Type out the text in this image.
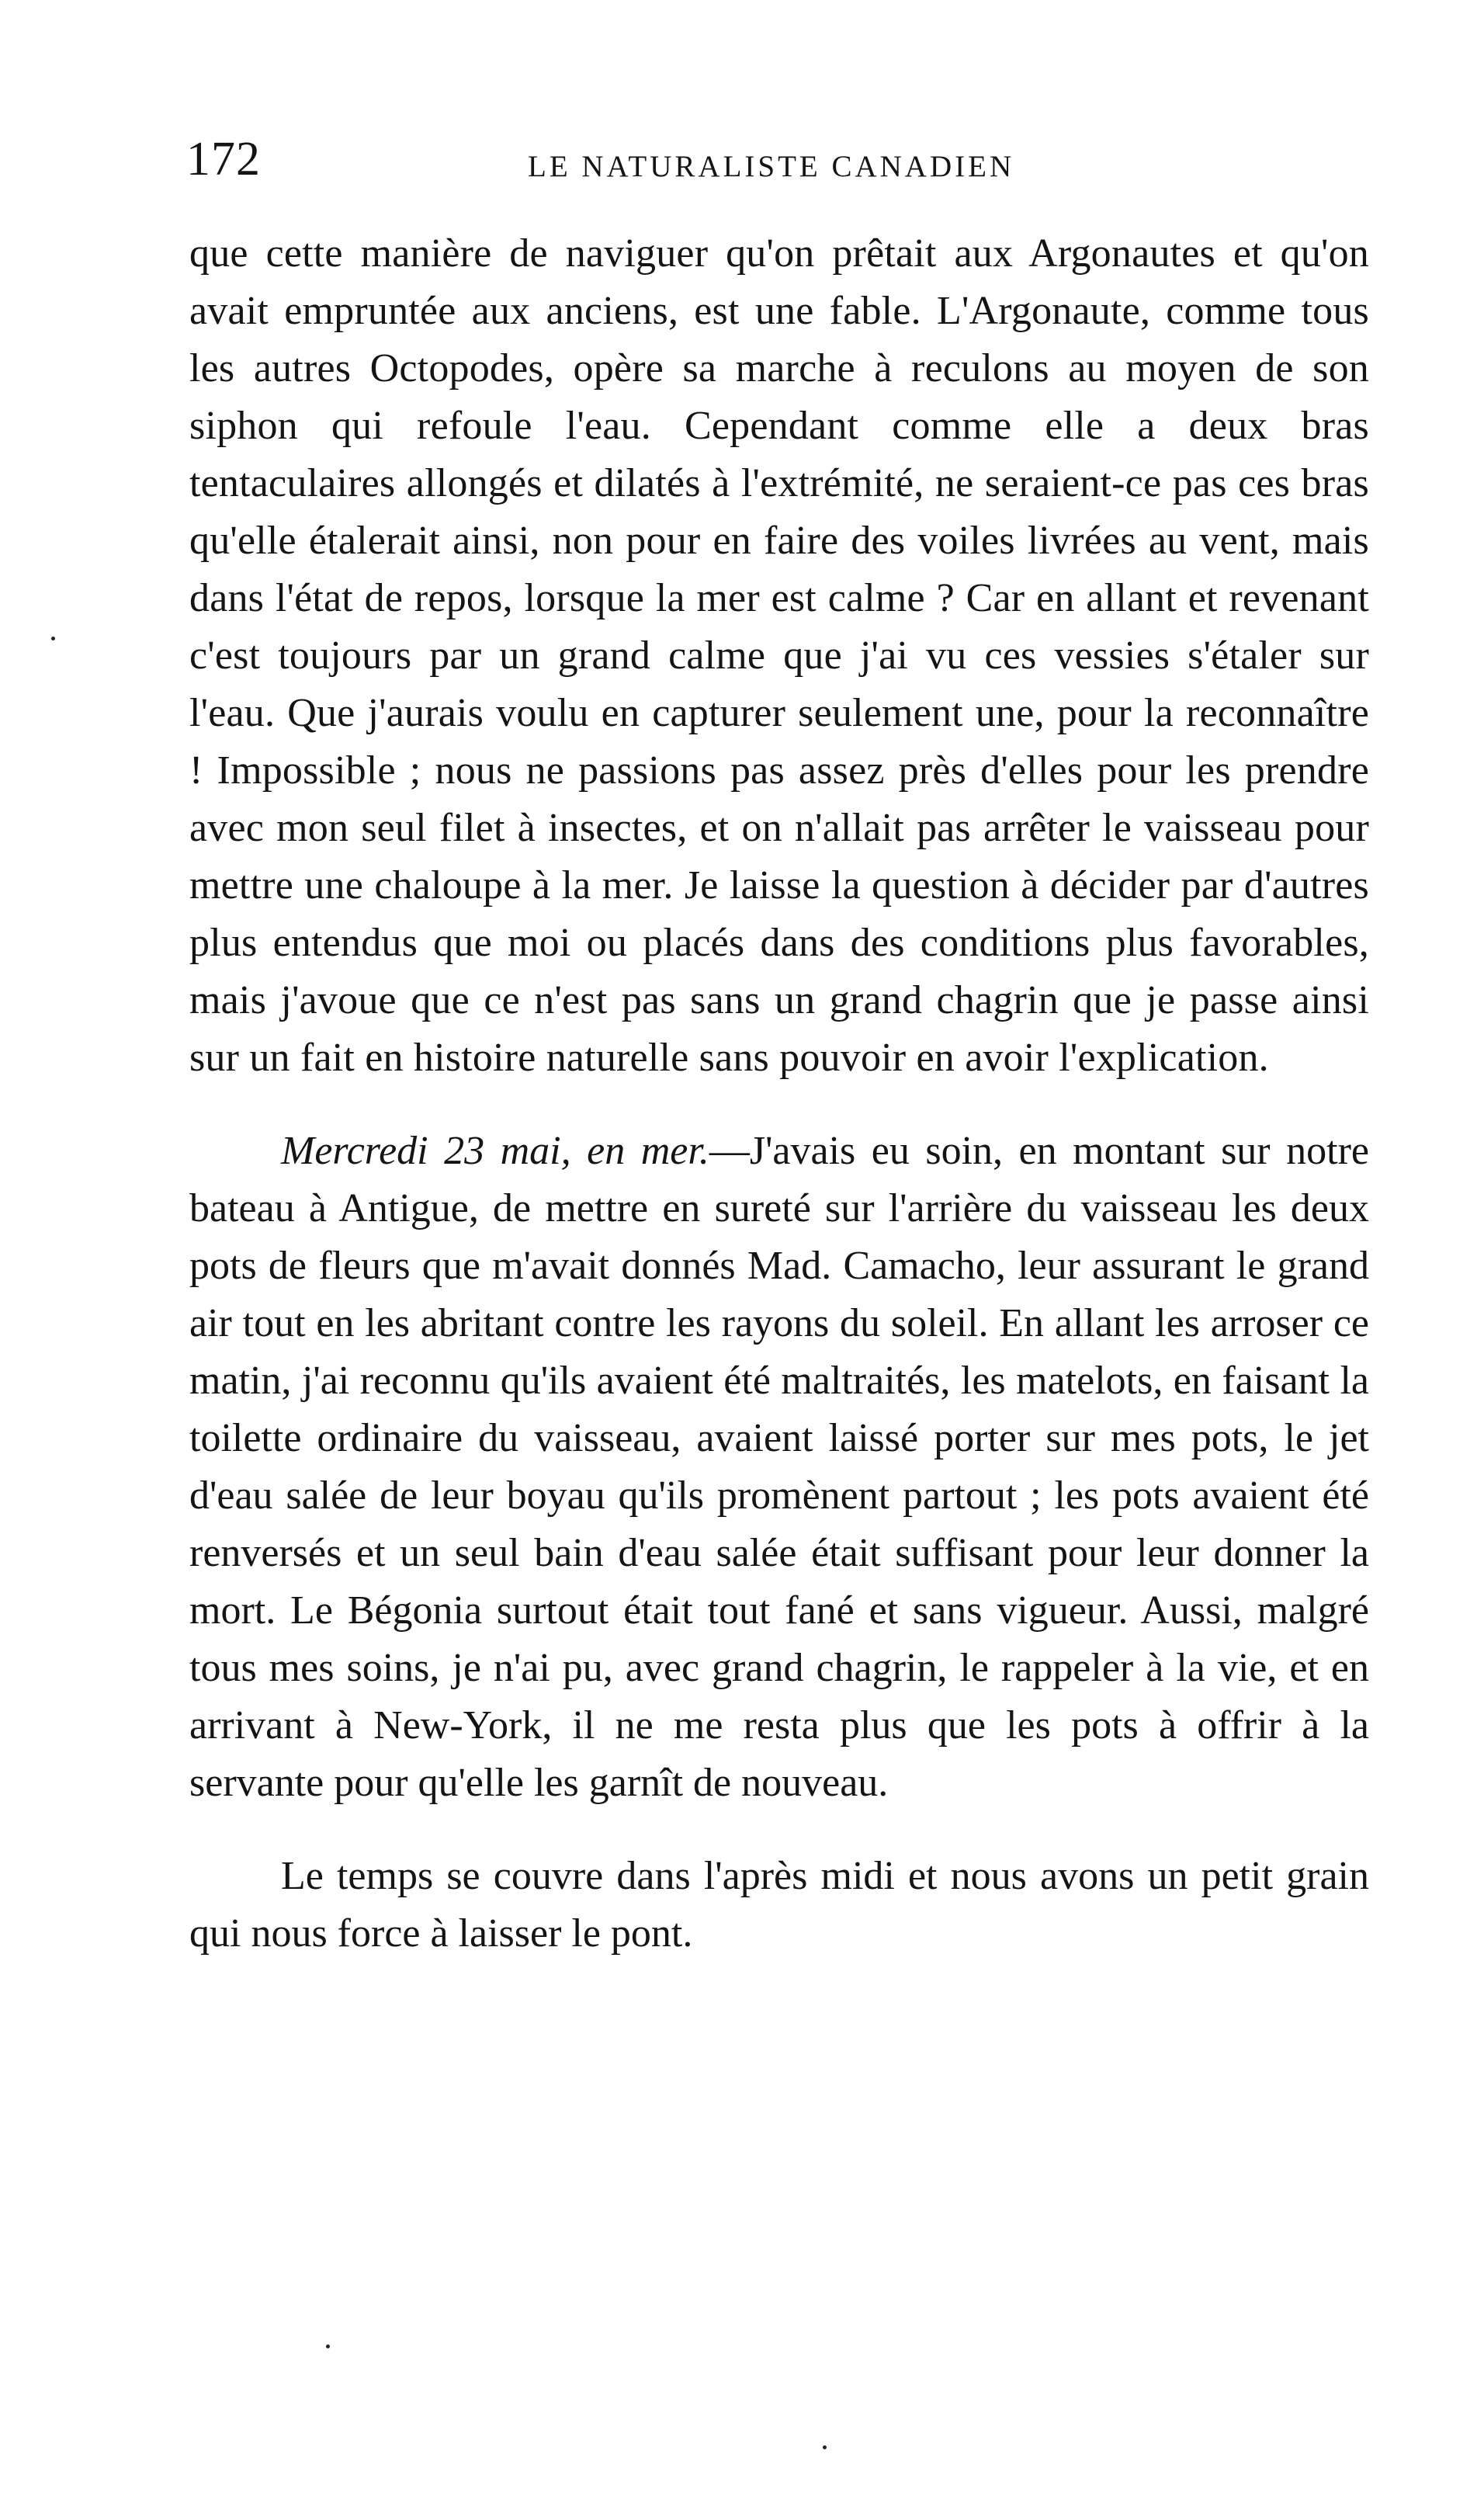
172	LE NATURALISTE CANADIEN

que cette manière de naviguer qu'on prêtait aux Argonautes et qu'on avait empruntée aux anciens, est une fable. L'Argonaute, comme tous les autres Octopodes, opère sa marche à reculons au moyen de son siphon qui refoule l'eau. Cependant comme elle a deux bras tentaculaires allongés et dilatés à l'extrémité, ne seraient-ce pas ces bras qu'elle étalerait ainsi, non pour en faire des voiles livrées au vent, mais dans l'état de repos, lorsque la mer est calme ? Car en allant et revenant c'est toujours par un grand calme que j'ai vu ces vessies s'étaler sur l'eau. Que j'aurais voulu en capturer seulement une, pour la reconnaître ! Impossible ; nous ne passions pas assez près d'elles pour les prendre avec mon seul filet à insectes, et on n'allait pas arrêter le vaisseau pour mettre une chaloupe à la mer. Je laisse la question à décider par d'autres plus entendus que moi ou placés dans des conditions plus favorables, mais j'avoue que ce n'est pas sans un grand chagrin que je passe ainsi sur un fait en histoire naturelle sans pouvoir en avoir l'explication.

Mercredi 23 mai, en mer.—J'avais eu soin, en montant sur notre bateau à Antigue, de mettre en sureté sur l'arrière du vaisseau les deux pots de fleurs que m'avait donnés Mad. Camacho, leur assurant le grand air tout en les abritant contre les rayons du soleil. En allant les arroser ce matin, j'ai reconnu qu'ils avaient été maltraités, les matelots, en faisant la toilette ordinaire du vaisseau, avaient laissé porter sur mes pots, le jet d'eau salée de leur boyau qu'ils promènent partout ; les pots avaient été renversés et un seul bain d'eau salée était suffisant pour leur donner la mort. Le Bégonia surtout était tout fané et sans vigueur. Aussi, malgré tous mes soins, je n'ai pu, avec grand chagrin, le rappeler à la vie, et en arrivant à New-York, il ne me resta plus que les pots à offrir à la servante pour qu'elle les garnît de nouveau.

Le temps se couvre dans l'après midi et nous avons un petit grain qui nous force à laisser le pont.
